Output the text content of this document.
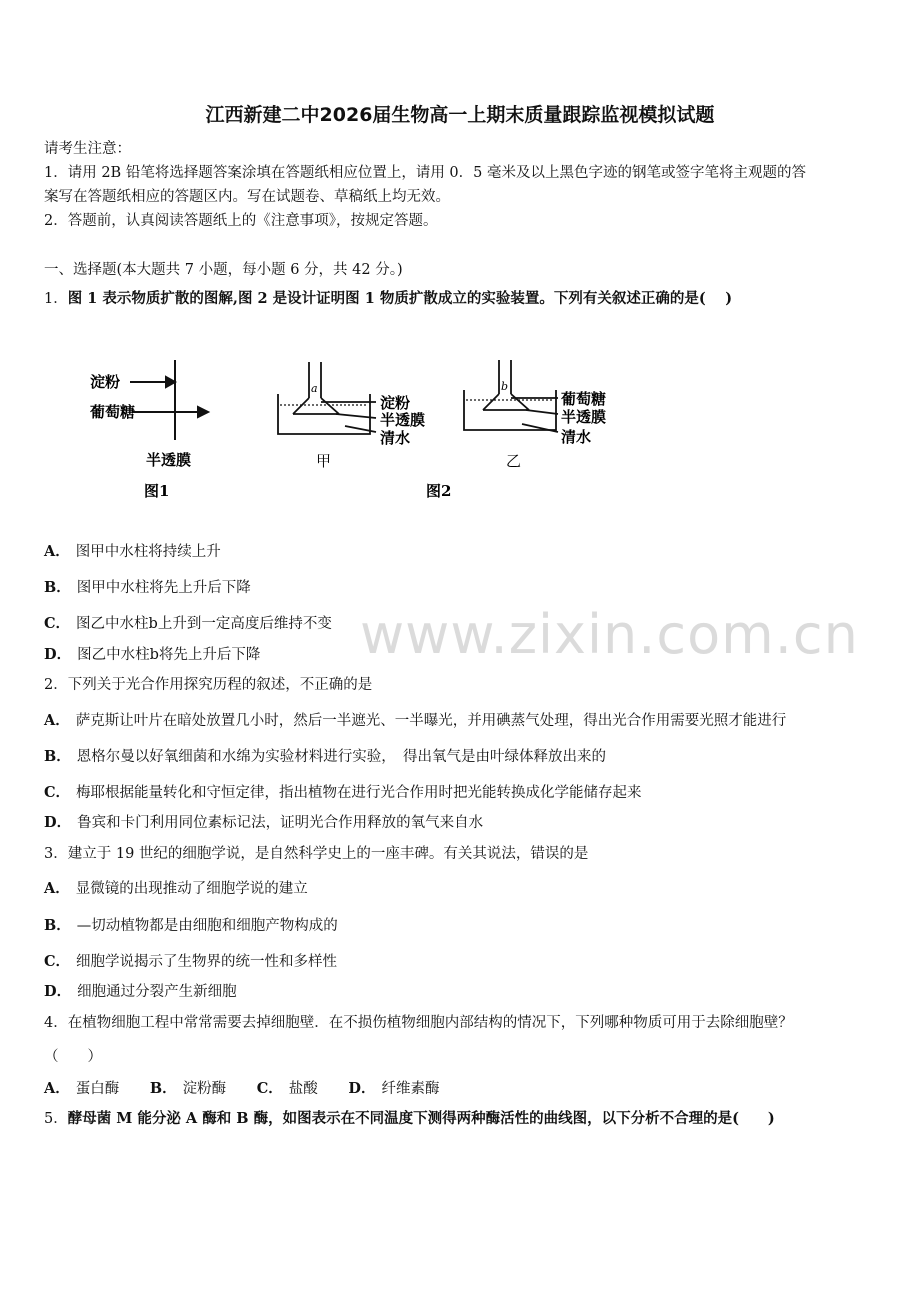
江西新建二中2026届生物高一上期末质量跟踪监视模拟试题
请考生注意：
1．请用 2B 铅笔将选择题答案涂填在答题纸相应位置上，请用 0．5 毫米及以上黑色字迹的钢笔或签字笔将主观题的答
案写在答题纸相应的答题区内。写在试题卷、草稿纸上均无效。
2．答题前，认真阅读答题纸上的《注意事项》，按规定答题。
一、选择题(本大题共 7 小题，每小题 6 分，共 42 分。)
1．图 1 表示物质扩散的图解,图 2 是设计证明图 1 物质扩散成立的实验装置。下列有关叙述正确的是(　 )
淀粉
葡萄糖
半透膜
图1
a
淀粉
半透膜
清水
甲
b
葡萄糖
半透膜
清水
乙
图2
A． 图甲中水柱将持续上升
B． 图甲中水柱将先上升后下降
C． 图乙中水柱b上升到一定高度后维持不变
D． 图乙中水柱b将先上升后下降
2．下列关于光合作用探究历程的叙述，不正确的是
A． 萨克斯让叶片在暗处放置几小时，然后一半遮光、一半曝光，并用碘蒸气处理，得出光合作用需要光照才能进行
B． 恩格尔曼以好氧细菌和水绵为实验材料进行实验，　得出氧气是由叶绿体释放出来的
C． 梅耶根据能量转化和守恒定律，指出植物在进行光合作用时把光能转换成化学能储存起来
D． 鲁宾和卡门利用同位素标记法，证明光合作用释放的氧气来自水
3．建立于 19 世纪的细胞学说，是自然科学史上的一座丰碑。有关其说法，错误的是
A． 显微镜的出现推动了细胞学说的建立
B． —切动植物都是由细胞和细胞产物构成的
C． 细胞学说揭示了生物界的统一性和多样性
D． 细胞通过分裂产生新细胞
4．在植物细胞工程中常常需要去掉细胞壁．在不损伤植物细胞内部结构的情况下，下列哪种物质可用于去除细胞壁？
（　　）
A． 蛋白酶 B． 淀粉酶 C． 盐酸 D． 纤维素酶
5．酵母菌 M 能分泌 A 酶和 B 酶，如图表示在不同温度下测得两种酶活性的曲线图，以下分析不合理的是(　　)
www.zixin.com.cn
